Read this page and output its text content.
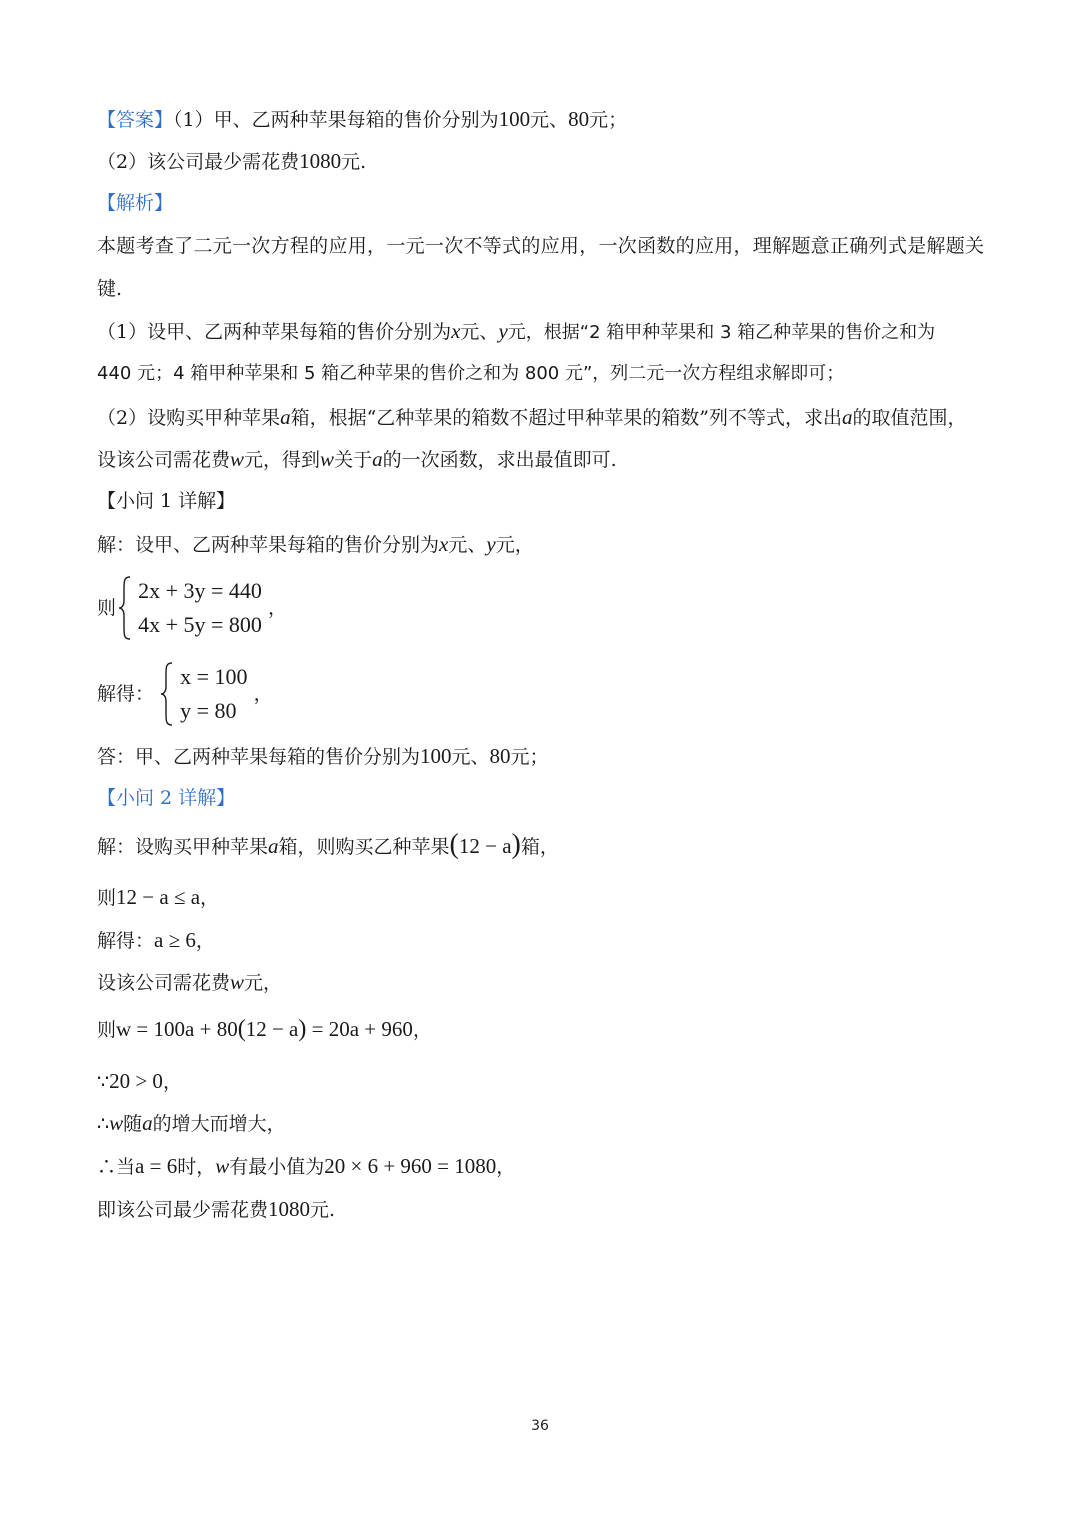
【答案】（1）甲、乙两种苹果每箱的售价分别为100元、80元；
（2）该公司最少需花费1080元.
【解析】
本题考查了二元一次方程的应用，一元一次不等式的应用，一次函数的应用，理解题意正确列式是解题关
键.
（1）设甲、乙两种苹果每箱的售价分别为x元、y元，根据“2 箱甲种苹果和 3 箱乙种苹果的售价之和为
440 元；4 箱甲种苹果和 5 箱乙种苹果的售价之和为 800 元”，列二元一次方程组求解即可；
（2）设购买甲种苹果a箱，根据“乙种苹果的箱数不超过甲种苹果的箱数”列不等式，求出a的取值范围，
设该公司需花费w元，得到w关于a的一次函数，求出最值即可.
【小问 1 详解】
解：设甲、乙两种苹果每箱的售价分别为x元、y元，
则
2x + 3y = 440
4x + 5y = 800
，
解得：
x = 100
y = 80
，
答：甲、乙两种苹果每箱的售价分别为100元、80元；
【小问 2 详解】
解：设购买甲种苹果a箱，则购买乙种苹果(12 − a)箱，
则12 − a ≤ a，
解得：a ≥ 6，
设该公司需花费w元，
则w = 100a + 80(12 − a) = 20a + 960，
∵20 > 0，
∴w随a的增大而增大，
∴当a = 6时，w有最小值为20 × 6 + 960 = 1080，
即该公司最少需花费1080元.
36
